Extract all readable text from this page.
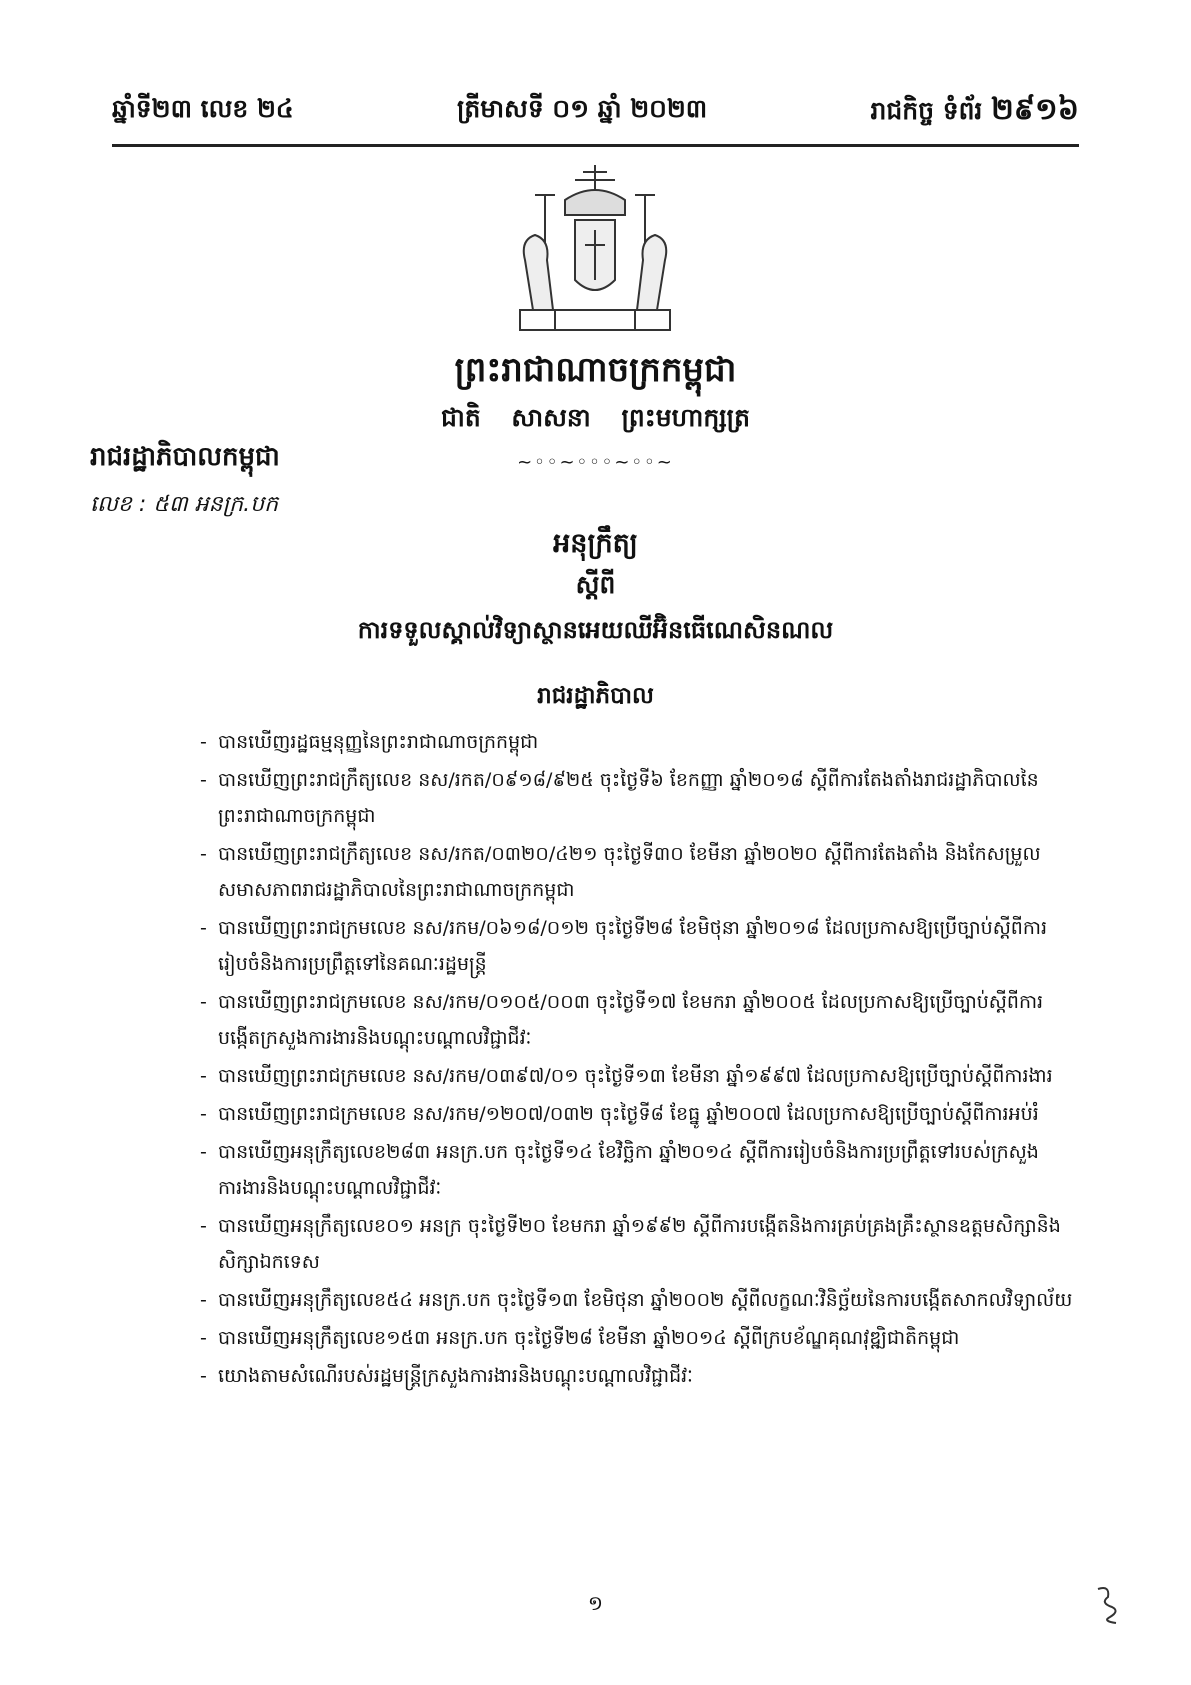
ឆ្នាំទី២៣ លេខ ២៤	ត្រីមាសទី ០១ ឆ្នាំ ២០២៣	រាជកិច្ច ទំព័រ ២៩១៦
ព្រះរាជាណាចក្រកម្ពុជា
ជាតិ សាសនា ព្រះមហាក្សត្រ
~◦◦~◦◦◦~◦◦~
រាជរដ្ឋាភិបាលកម្ពុជា
លេខ : ៥៣ អនក្រ.បក
អនុក្រឹត្យ
ស្តីពី
ការទទួលស្គាល់វិទ្យាស្ថានអេយឈីអ៊ិនធើណេសិនណល
រាជរដ្ឋាភិបាល
- បានឃើញរដ្ឋធម្មនុញ្ញនៃព្រះរាជាណាចក្រកម្ពុជា
- បានឃើញព្រះរាជក្រឹត្យលេខ នស/រកត/០៩១៨/៩២៥ ចុះថ្ងៃទី៦ ខែកញ្ញា ឆ្នាំ២០១៨ ស្តីពីការតែងតាំងរាជរដ្ឋាភិបាលនៃព្រះរាជាណាចក្រកម្ពុជា
- បានឃើញព្រះរាជក្រឹត្យលេខ នស/រកត/០៣២០/៤២១ ចុះថ្ងៃទី៣០ ខែមីនា ឆ្នាំ២០២០ ស្តីពីការតែងតាំង និងកែសម្រួលសមាសភាពរាជរដ្ឋាភិបាលនៃព្រះរាជាណាចក្រកម្ពុជា
- បានឃើញព្រះរាជក្រមលេខ នស/រកម/០៦១៨/០១២ ចុះថ្ងៃទី២៨ ខែមិថុនា ឆ្នាំ២០១៨ ដែលប្រកាសឱ្យប្រើច្បាប់ស្តីពីការរៀបចំនិងការប្រព្រឹត្តទៅនៃគណៈរដ្ឋមន្ត្រី
- បានឃើញព្រះរាជក្រមលេខ នស/រកម/០១០៥/០០៣ ចុះថ្ងៃទី១៧ ខែមករា ឆ្នាំ២០០៥ ដែលប្រកាសឱ្យប្រើច្បាប់ស្តីពីការបង្កើតក្រសួងការងារនិងបណ្តុះបណ្តាលវិជ្ជាជីវៈ
- បានឃើញព្រះរាជក្រមលេខ នស/រកម/០៣៩៧/០១ ចុះថ្ងៃទី១៣ ខែមីនា ឆ្នាំ១៩៩៧ ដែលប្រកាសឱ្យប្រើច្បាប់ស្តីពីការងារ
- បានឃើញព្រះរាជក្រមលេខ នស/រកម/១២០៧/០៣២ ចុះថ្ងៃទី៨ ខែធ្នូ ឆ្នាំ២០០៧ ដែលប្រកាសឱ្យប្រើច្បាប់ស្តីពីការអប់រំ
- បានឃើញអនុក្រឹត្យលេខ២៨៣ អនក្រ.បក ចុះថ្ងៃទី១៤ ខែវិច្ឆិកា ឆ្នាំ២០១៤ ស្តីពីការរៀបចំនិងការប្រព្រឹត្តទៅរបស់ក្រសួងការងារនិងបណ្តុះបណ្តាលវិជ្ជាជីវៈ
- បានឃើញអនុក្រឹត្យលេខ០១ អនក្រ ចុះថ្ងៃទី២០ ខែមករា ឆ្នាំ១៩៩២ ស្តីពីការបង្កើតនិងការគ្រប់គ្រងគ្រឹះស្ថានឧត្តមសិក្សានិងសិក្សាឯកទេស
- បានឃើញអនុក្រឹត្យលេខ៥៤ អនក្រ.បក ចុះថ្ងៃទី១៣ ខែមិថុនា ឆ្នាំ២០០២ ស្តីពីលក្ខណៈវិនិច្ឆ័យនៃការបង្កើតសាកលវិទ្យាល័យ
- បានឃើញអនុក្រឹត្យលេខ១៥៣ អនក្រ.បក ចុះថ្ងៃទី២៨ ខែមីនា ឆ្នាំ២០១៤ ស្តីពីក្របខ័ណ្ឌគុណវុឌ្ឍិជាតិកម្ពុជា
- យោងតាមសំណើរបស់រដ្ឋមន្ត្រីក្រសួងការងារនិងបណ្តុះបណ្តាលវិជ្ជាជីវៈ
១
